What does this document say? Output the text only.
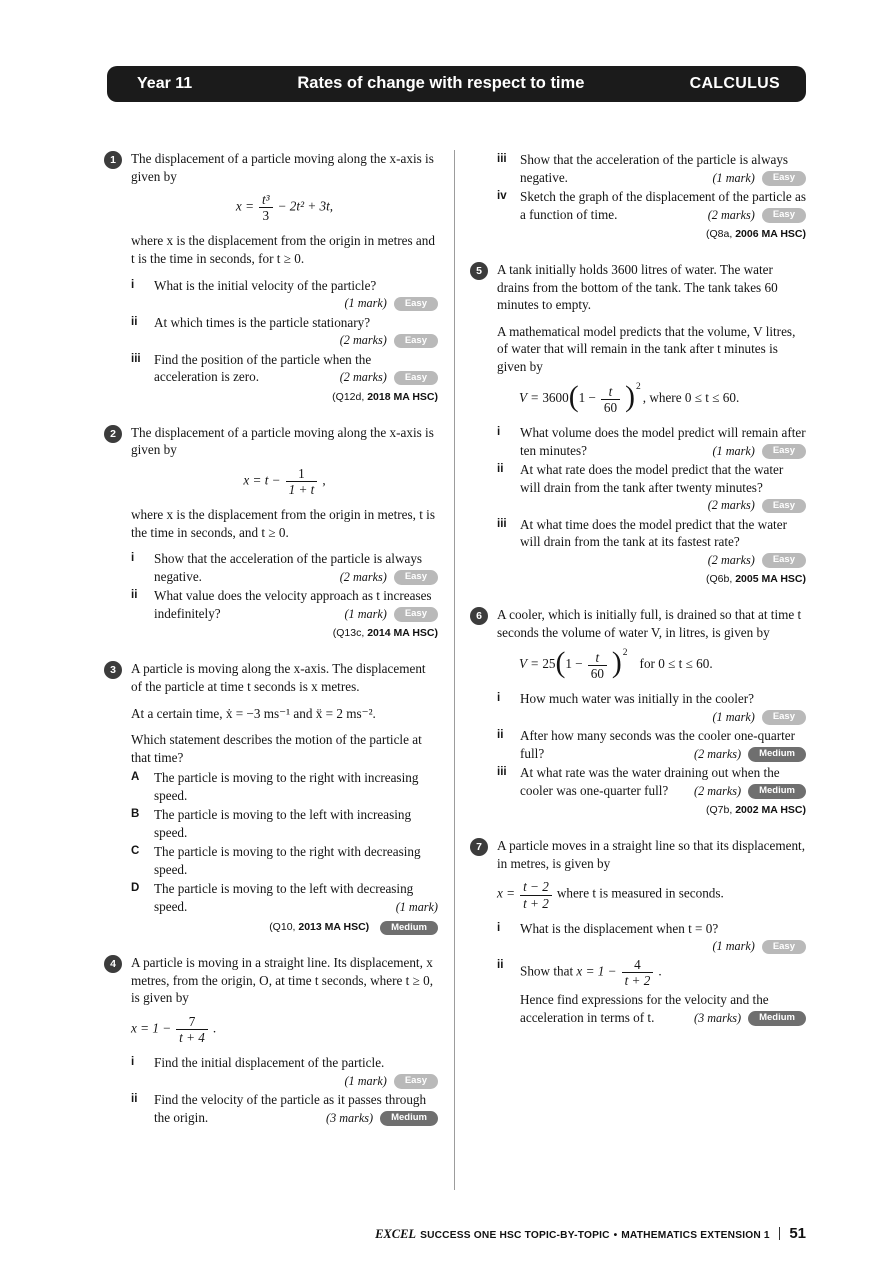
Year 11	Rates of change with respect to time	CALCULUS
1	The displacement of a particle moving along the x-axis is given by

$x = \frac{\text{t³}}{3} - 2t^2 + 3t$,

where x is the displacement from the origin in metres and t is the time in seconds, for t ≥ 0.

i	What is the initial velocity of the particle?
(1 mark) Easy
ii	At which times is the particle stationary?
(2 marks) Easy
iii	Find the position of the particle when the acceleration is zero.	(2 marks) Easy
(Q12d, 2018 MA HSC)
2	The displacement of a particle moving along the x-axis is given by

$x = t - \frac{1}{1 + t}$ ,

where x is the displacement from the origin in metres, t is the time in seconds, and t ≥ 0.

i	Show that the acceleration of the particle is always negative.	(2 marks) Easy
ii	What value does the velocity approach as t increases indefinitely?	(1 mark) Easy
(Q13c, 2014 MA HSC)
3	A particle is moving along the x-axis. The displacement of the particle at time t seconds is x metres.

At a certain time, ẋ = −3 ms⁻¹ and ẍ = 2 ms⁻².

Which statement describes the motion of the particle at that time?

A	The particle is moving to the right with increasing speed.
B	The particle is moving to the left with increasing speed.
C	The particle is moving to the right with decreasing speed.
D	The particle is moving to the left with decreasing speed.	(1 mark)
(Q10, 2013 MA HSC) Medium
4	A particle is moving in a straight line. Its displacement, x metres, from the origin, O, at time t seconds, where t ≥ 0, is given by

$x = 1 - \frac{7}{t + 4}$ .
i	Find the initial displacement of the particle.
(1 mark) Easy
ii	Find the velocity of the particle as it passes through the origin.	(3 marks) Medium
iii	Show that the acceleration of the particle is always negative.	(1 mark) Easy
iv	Sketch the graph of the displacement of the particle as a function of time.	(2 marks) Easy
(Q8a, 2006 MA HSC)
5	A tank initially holds 3600 litres of water. The water drains from the bottom of the tank. The tank takes 60 minutes to empty.

A mathematical model predicts that the volume, V litres, of water that will remain in the tank after t minutes is given by

$V = 3600(1 - \frac{t}{60} )^2$, where 0 ≤ t ≤ 60.
i	What volume does the model predict will remain after ten minutes?	(1 mark) Easy
ii	At what rate does the model predict that the water will drain from the tank after twenty minutes?
(2 marks) Easy
iii	At what time does the model predict that the water will drain from the tank at its fastest rate?
(2 marks) Easy
(Q6b, 2005 MA HSC)
6	A cooler, which is initially full, is drained so that at time t seconds the volume of water V, in litres, is given by

$V = 25(1 - \frac{t}{60} )^2for$ 0 ≤ t ≤ 60.
i	How much water was initially in the cooler?
(1 mark) Easy
ii	After how many seconds was the cooler one-quarter full?	(2 marks) Medium
iii	At what rate was the water draining out when the cooler was one-quarter full? (2 marks) Medium
(Q7b, 2002 MA HSC)
7	A particle moves in a straight line so that its displacement, in metres, is given by

$x = \frac{t - 2}{t + 2}$ where t is measured in seconds.
i	What is the displacement when t = 0?
(1 mark) Easy
ii	Show that $x = 1 - \frac{4}{t + 2}$ .
Hence find expressions for the velocity and the acceleration in terms of t.	(3 marks) Medium
EXCEL SUCCESS ONE HSC TOPIC-BY-TOPIC • MATHEMATICS EXTENSION 1 51
